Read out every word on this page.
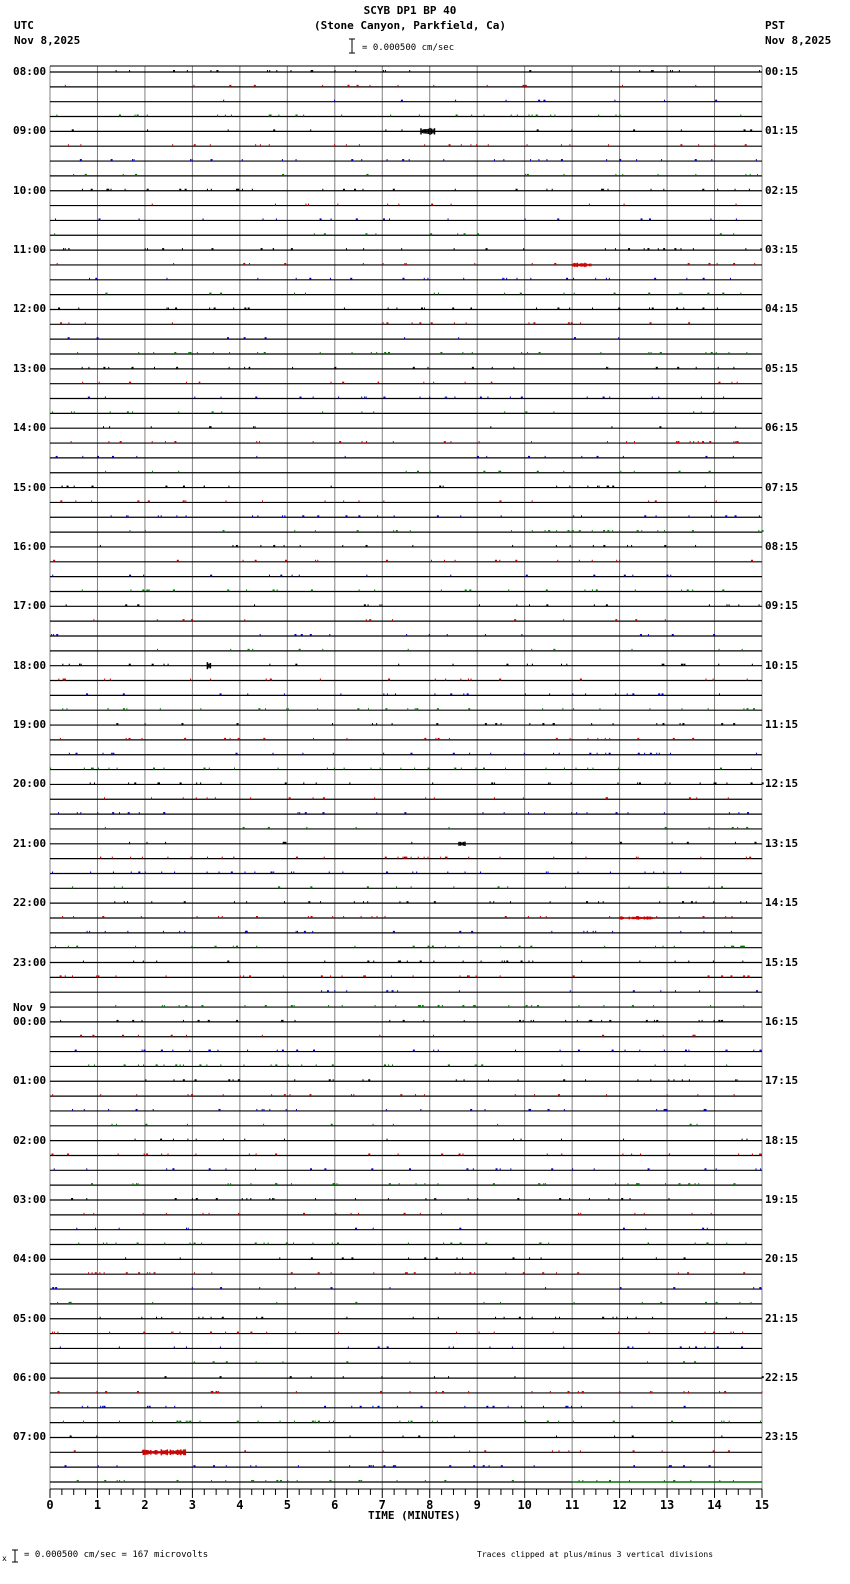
SCYB DP1 BP 40
(Stone Canyon, Parkfield, Ca)
UTC
Nov 8,2025
PST
Nov 8,2025
= 0.000500 cm/sec
0	1	2	3	4	5	6	7	8	9	10	11	12	13	14	15
08:00
09:00
10:00
11:00
12:00
13:00
14:00
15:00
16:00
17:00
18:00
19:00
20:00
21:00
22:00
23:00
Nov 9
00:00
01:00
02:00
03:00
04:00
05:00
06:00
07:00
00:15
01:15
02:15
03:15
04:15
05:15
06:15
07:15
08:15
09:15
10:15
11:15
12:15
13:15
14:15
15:15
16:15
17:15
18:15
19:15
20:15
21:15
22:15
23:15
TIME (MINUTES)
x = 0.000500 cm/sec = 167 microvolts	Traces clipped at plus/minus 3 vertical divisions
